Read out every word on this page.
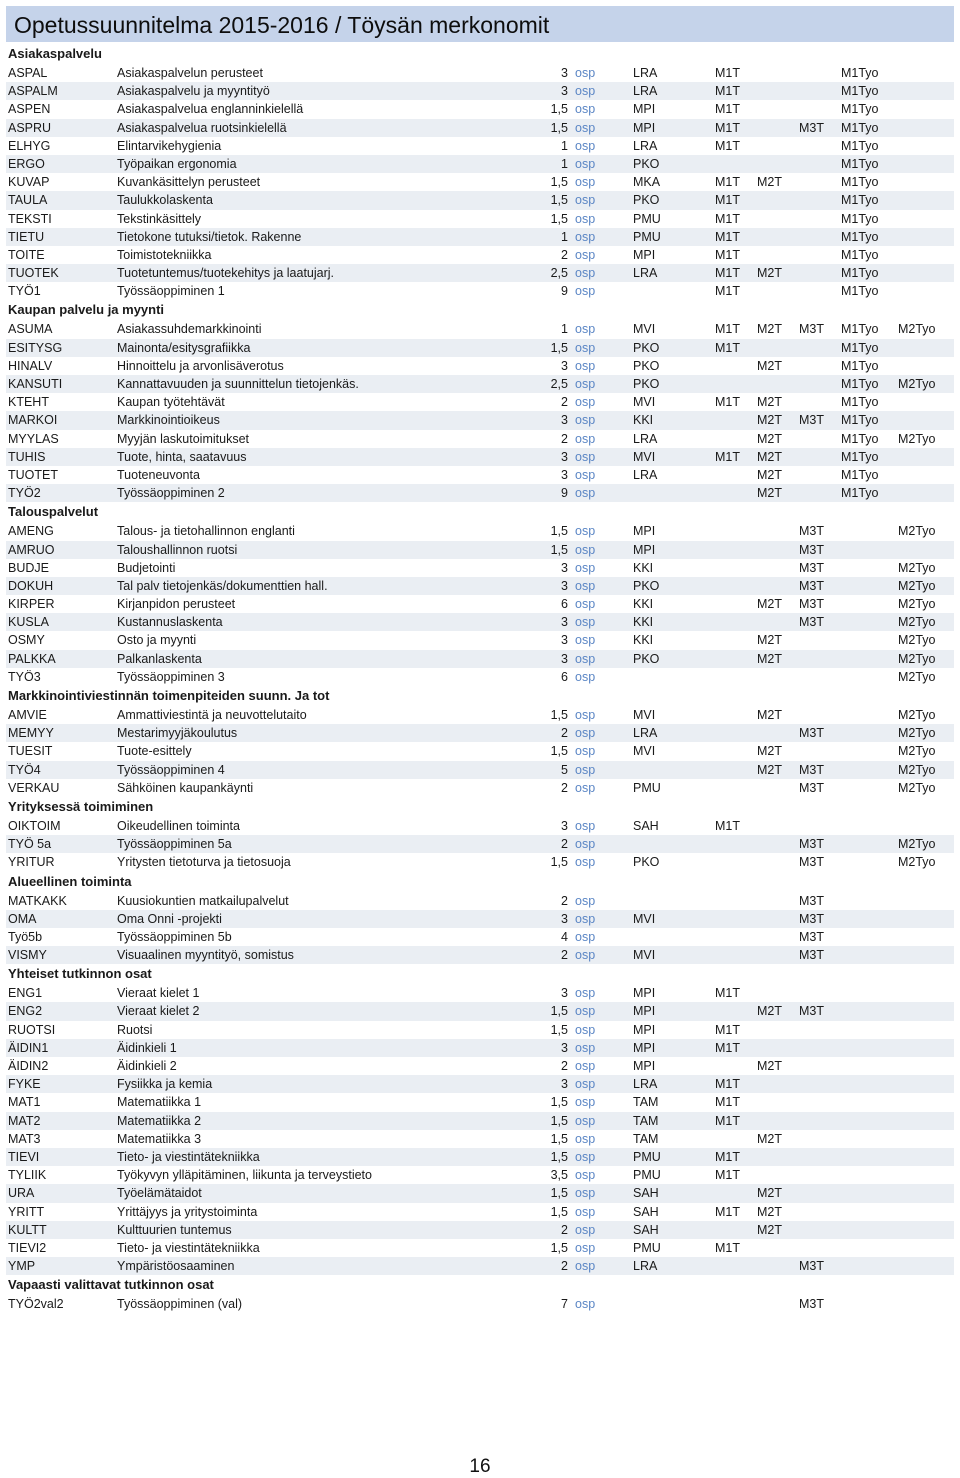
Opetussuunnitelma 2015-2016 / Töysän merkonomit
Asiakaspalvelu
ASPAL	Asiakaspalvelun perusteet	3 osp	LRA	M1T	M1Tyo
ASPALM	Asiakaspalvelu ja myyntityö	3 osp	LRA	M1T	M1Tyo
ASPEN	Asiakaspalvelua englanninkielellä	1,5 osp	MPI	M1T	M1Tyo
ASPRU	Asiakaspalvelua ruotsinkielellä	1,5 osp	MPI	M1T	M3T M1Tyo
ELHYG	Elintarvikehygienia	1 osp	LRA	M1T	M1Tyo
ERGO	Työpaikan ergonomia	1 osp	PKO	M1Tyo
KUVAP	Kuvankäsittelyn perusteet	1,5 osp	MKA	M1T M2T	M1Tyo
TAULA	Taulukkolaskenta	1,5 osp	PKO	M1T	M1Tyo
TEKSTI	Tekstinkäsittely	1,5 osp	PMU	M1T	M1Tyo
TIETU	Tietokone tutuksi/tietok. Rakenne	1 osp	PMU	M1T	M1Tyo
TOITE	Toimistotekniikka	2 osp	MPI	M1T	M1Tyo
TUOTEK	Tuotetuntemus/tuotekehitys ja laatujarj.	2,5 osp	LRA	M1T M2T	M1Tyo
TYÖ1	Työssäoppiminen 1	9 osp	M1T	M1Tyo
Kaupan palvelu ja myynti
ASUMA	Asiakassuhdemarkkinointi	1 osp	MVI	M1T M2T M3T M1Tyo M2Tyo
ESITYSG	Mainonta/esitysgrafiikka	1,5 osp	PKO	M1T	M1Tyo
HINALV	Hinnoittelu ja arvonlisäverotus	3 osp	PKO	M2T	M1Tyo
KANSUTI	Kannattavuuden ja suunnittelun tietojenkäs.	2,5 osp	PKO	M1Tyo M2Tyo
KTEHT	Kaupan työtehtävät	2 osp	MVI	M1T M2T	M1Tyo
MARKOI	Markkinointioikeus	3 osp	KKI	M2T M3T M1Tyo
MYYLAS	Myyjän laskutoimitukset	2 osp	LRA	M2T	M1Tyo M2Tyo
TUHIS	Tuote, hinta, saatavuus	3 osp	MVI	M1T M2T	M1Tyo
TUOTET	Tuoteneuvonta	3 osp	LRA	M2T	M1Tyo
TYÖ2	Työssäoppiminen 2	9 osp	M2T	M1Tyo
Talouspalvelut
AMENG	Talous- ja tietohallinnon englanti	1,5 osp	MPI	M3T	M2Tyo
AMRUO	Taloushallinnon ruotsi	1,5 osp	MPI	M3T
BUDJE	Budjetointi	3 osp	KKI	M3T	M2Tyo
DOKUH	Tal palv tietojenkäs/dokumenttien hall.	3 osp	PKO	M3T	M2Tyo
KIRPER	Kirjanpidon perusteet	6 osp	KKI	M2T M3T	M2Tyo
KUSLA	Kustannuslaskenta	3 osp	KKI	M3T	M2Tyo
OSMY	Osto ja myynti	3 osp	KKI	M2T	M2Tyo
PALKKA	Palkanlaskenta	3 osp	PKO	M2T	M2Tyo
TYÖ3	Työssäoppiminen 3	6 osp	M2Tyo
Markkinointiviestinnän toimenpiteiden suunn. Ja tot
AMVIE	Ammattiviestintä ja neuvottelutaito	1,5 osp	MVI	M2T	M2Tyo
MEMYY	Mestarimyyjäkoulutus	2 osp	LRA	M3T	M2Tyo
TUESIT	Tuote-esittely	1,5 osp	MVI	M2T	M2Tyo
TYÖ4	Työssäoppiminen 4	5 osp	M2T M3T	M2Tyo
VERKAU	Sähköinen kaupankäynti	2 osp	PMU	M3T	M2Tyo
Yrityksessä toimiminen
OIKTOIM	Oikeudellinen toiminta	3 osp	SAH	M1T
TYÖ 5a	Työssäoppiminen 5a	2 osp	M3T	M2Tyo
YRITUR	Yritysten tietoturva ja tietosuoja	1,5 osp	PKO	M3T	M2Tyo
Alueellinen toiminta
MATKAKK	Kuusiokuntien matkailupalvelut	2 osp	M3T
OMA	Oma Onni -projekti	3 osp	MVI	M3T
Työ5b	Työssäoppiminen 5b	4 osp	M3T
VISMY	Visuaalinen myyntityö, somistus	2 osp	MVI	M3T
Yhteiset tutkinnon osat
ENG1	Vieraat kielet 1	3 osp	MPI	M1T
ENG2	Vieraat kielet 2	1,5 osp	MPI	M2T M3T
RUOTSI	Ruotsi	1,5 osp	MPI	M1T
ÄIDIN1	Äidinkieli 1	3 osp	MPI	M1T
ÄIDIN2	Äidinkieli 2	2 osp	MPI	M2T
FYKE	Fysiikka ja kemia	3 osp	LRA	M1T
MAT1	Matematiikka 1	1,5 osp	TAM	M1T
MAT2	Matematiikka 2	1,5 osp	TAM	M1T
MAT3	Matematiikka 3	1,5 osp	TAM	M2T
TIEVI	Tieto- ja viestintätekniikka	1,5 osp	PMU	M1T
TYLIIK	Työkyvyn ylläpitäminen, liikunta ja terveystieto	3,5 osp	PMU	M1T
URA	Työelämätaidot	1,5 osp	SAH	M2T
YRITT	Yrittäjyys ja yritystoiminta	1,5 osp	SAH	M1T M2T
KULTT	Kulttuurien tuntemus	2 osp	SAH	M2T
TIEVI2	Tieto- ja viestintätekniikka	1,5 osp	PMU	M1T
YMP	Ympäristöosaaminen	2 osp	LRA	M3T
Vapaasti valittavat tutkinnon osat
TYÖ2val2	Työssäoppiminen (val)	7 osp	M3T
16
